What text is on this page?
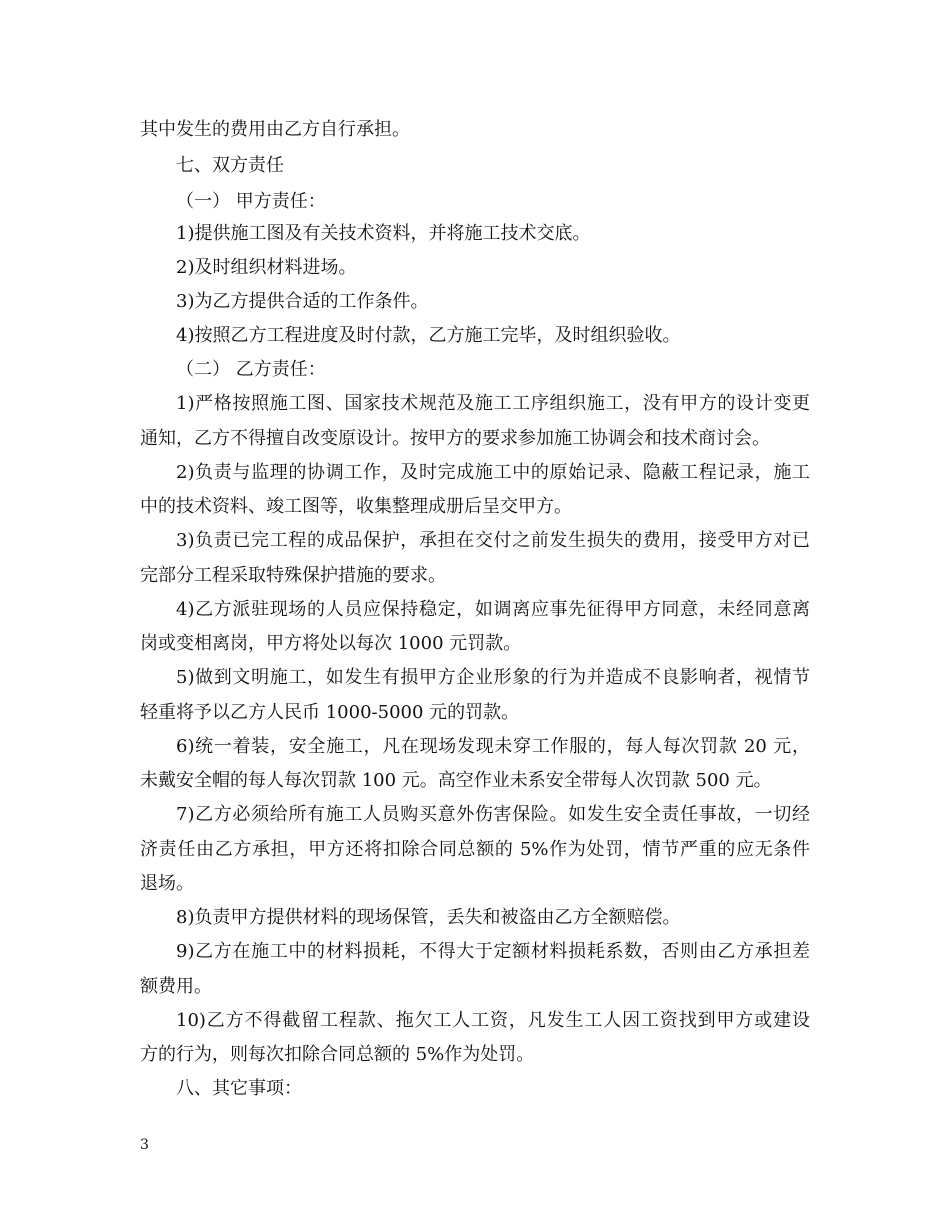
其中发生的费用由乙方自行承担。
七、双方责任
（一） 甲方责任：
1)提供施工图及有关技术资料，并将施工技术交底。
2)及时组织材料进场。
3)为乙方提供合适的工作条件。
4)按照乙方工程进度及时付款，乙方施工完毕，及时组织验收。
（二） 乙方责任：
1)严格按照施工图、国家技术规范及施工工序组织施工，没有甲方的设计变更
通知，乙方不得擅自改变原设计。按甲方的要求参加施工协调会和技术商讨会。
2)负责与监理的协调工作，及时完成施工中的原始记录、隐蔽工程记录，施工
中的技术资料、竣工图等，收集整理成册后呈交甲方。
3)负责已完工程的成品保护，承担在交付之前发生损失的费用，接受甲方对已
完部分工程采取特殊保护措施的要求。
4)乙方派驻现场的人员应保持稳定，如调离应事先征得甲方同意，未经同意离
岗或变相离岗，甲方将处以每次 1000 元罚款。
5)做到文明施工，如发生有损甲方企业形象的行为并造成不良影响者，视情节
轻重将予以乙方人民币 1000-5000 元的罚款。
6)统一着装，安全施工，凡在现场发现未穿工作服的，每人每次罚款 20 元，
未戴安全帽的每人每次罚款 100 元。高空作业未系安全带每人次罚款 500 元。
7)乙方必须给所有施工人员购买意外伤害保险。如发生安全责任事故，一切经
济责任由乙方承担，甲方还将扣除合同总额的 5%作为处罚，情节严重的应无条件
退场。
8)负责甲方提供材料的现场保管，丢失和被盗由乙方全额赔偿。
9)乙方在施工中的材料损耗，不得大于定额材料损耗系数，否则由乙方承担差
额费用。
10)乙方不得截留工程款、拖欠工人工资，凡发生工人因工资找到甲方或建设
方的行为，则每次扣除合同总额的 5%作为处罚。
八、其它事项：
3
